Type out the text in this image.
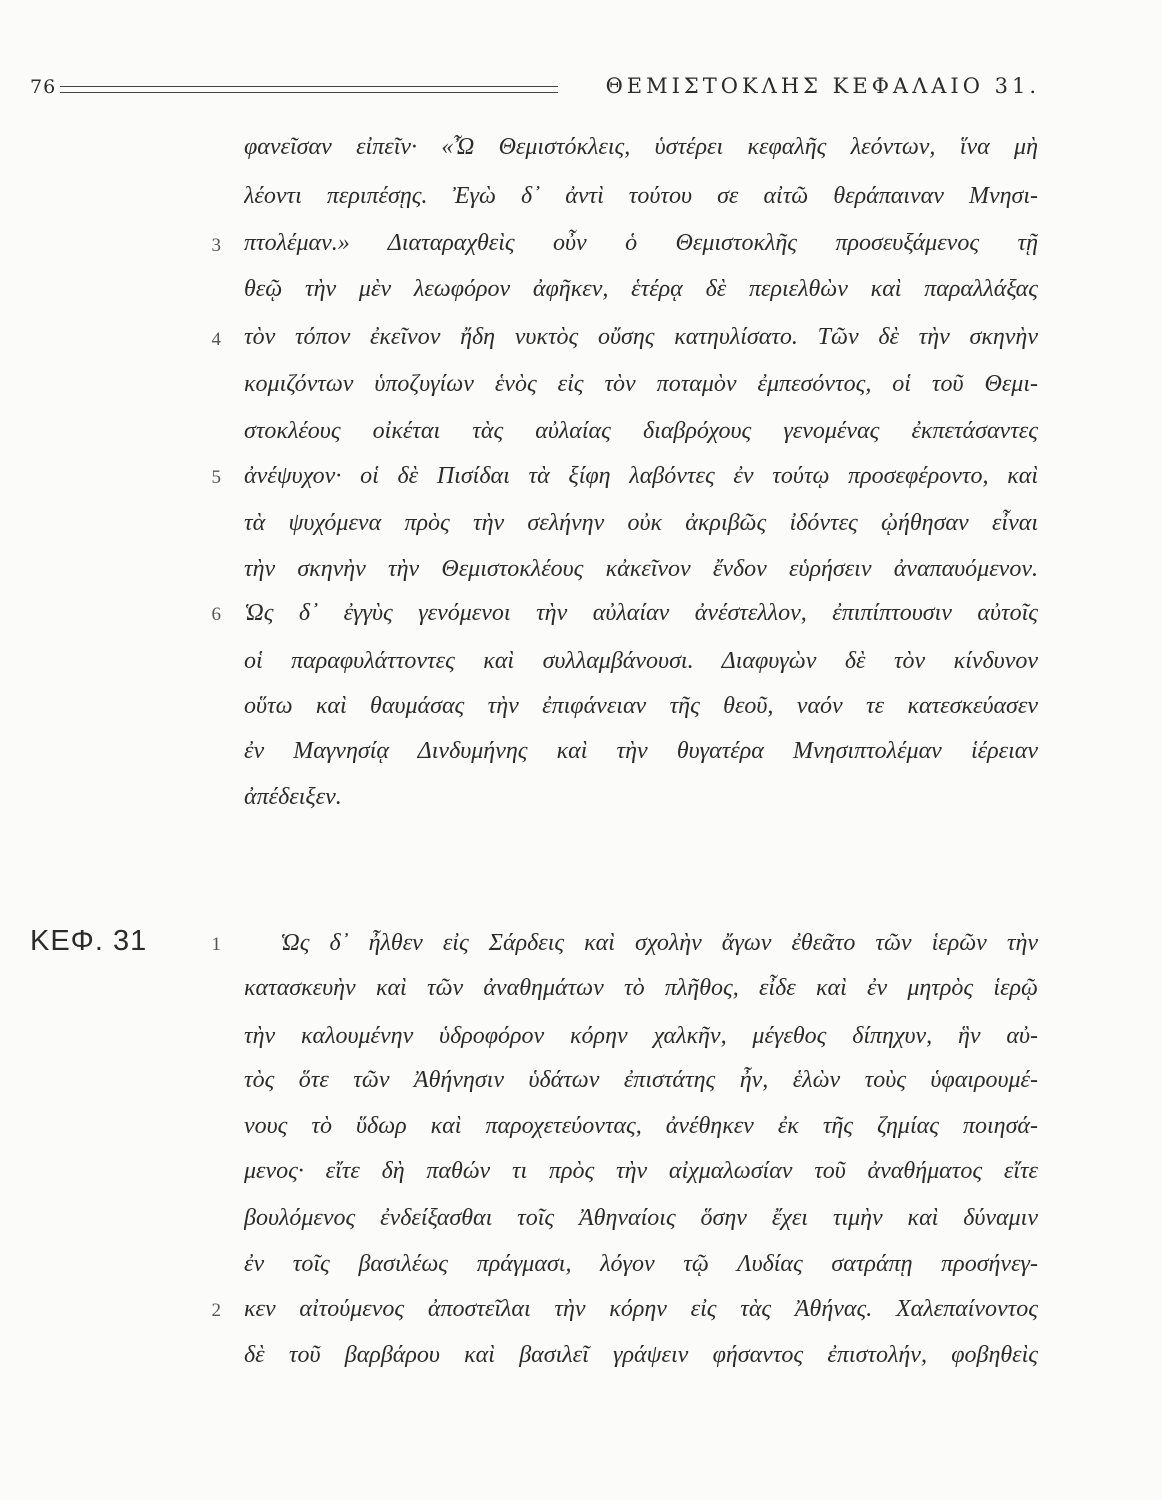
76	ΘΕΜΙΣΤΟΚΛΗΣ ΚΕΦΑΛΑΙΟ 31.
φανεῖσαν εἰπεῖν· «Ὦ Θεμιστόκλεις, ὑστέρει κεφαλῆς λεόντων, ἵνα μὴ
λέοντι περιπέσῃς. Ἐγὼ δ᾽ ἀντὶ τούτου σε αἰτῶ θεράπαιναν Μνησι-
πτολέμαν.» Διαταραχθεὶς οὖν ὁ Θεμιστοκλῆς προσευξάμενος τῇ
θεῷ τὴν μὲν λεωφόρον ἀφῆκεν, ἑτέρᾳ δὲ περιελθὼν καὶ παραλλάξας
τὸν τόπον ἐκεῖνον ἤδη νυκτὸς οὔσης κατηυλίσατο. Τῶν δὲ τὴν σκηνὴν
κομιζόντων ὑποζυγίων ἑνὸς εἰς τὸν ποταμὸν ἐμπεσόντος, οἱ τοῦ Θεμι-
στοκλέους οἰκέται τὰς αὐλαίας διαβρόχους γενομένας ἐκπετάσαντες
ἀνέψυχον· οἱ δὲ Πισίδαι τὰ ξίφη λαβόντες ἐν τούτῳ προσεφέροντο, καὶ
τὰ ψυχόμενα πρὸς τὴν σελήνην οὐκ ἀκριβῶς ἰδόντες ᾠήθησαν εἶναι
τὴν σκηνὴν τὴν Θεμιστοκλέους κἀκεῖνον ἔνδον εὑρήσειν ἀναπαυόμενον.
Ὡς δ᾽ ἐγγὺς γενόμενοι τὴν αὐλαίαν ἀνέστελλον, ἐπιπίπτουσιν αὐτοῖς
οἱ παραφυλάττοντες καὶ συλλαμβάνουσι. Διαφυγὼν δὲ τὸν κίνδυνον
οὕτω καὶ θαυμάσας τὴν ἐπιφάνειαν τῆς θεοῦ, ναόν τε κατεσκεύασεν
ἐν Μαγνησίᾳ Δινδυμήνης καὶ τὴν θυγατέρα Μνησιπτολέμαν ἱέρειαν
ἀπέδειξεν.
3
4
5
6
ΚΕΦ. 31	Ὡς δ᾽ ἦλθεν εἰς Σάρδεις καὶ σχολὴν ἄγων ἐθεᾶτο τῶν ἱερῶν τὴν
κατασκευὴν καὶ τῶν ἀναθημάτων τὸ πλῆθος, εἶδε καὶ ἐν μητρὸς ἱερῷ
τὴν καλουμένην ὑδροφόρον κόρην χαλκῆν, μέγεθος δίπηχυν, ἣν αὐ-
τὸς ὅτε τῶν Ἀθήνησιν ὑδάτων ἐπιστάτης ἦν, ἑλὼν τοὺς ὑφαιρουμέ-
νους τὸ ὕδωρ καὶ παροχετεύοντας, ἀνέθηκεν ἐκ τῆς ζημίας ποιησά-
μενος· εἴτε δὴ παθών τι πρὸς τὴν αἰχμαλωσίαν τοῦ ἀναθήματος εἴτε
βουλόμενος ἐνδείξασθαι τοῖς Ἀθηναίοις ὅσην ἔχει τιμὴν καὶ δύναμιν
ἐν τοῖς βασιλέως πράγμασι, λόγον τῷ Λυδίας σατράπῃ προσήνεγ-
κεν αἰτούμενος ἀποστεῖλαι τὴν κόρην εἰς τὰς Ἀθήνας. Χαλεπαίνοντος
δὲ τοῦ βαρβάρου καὶ βασιλεῖ γράψειν φήσαντος ἐπιστολήν, φοβηθεὶς
1
2
